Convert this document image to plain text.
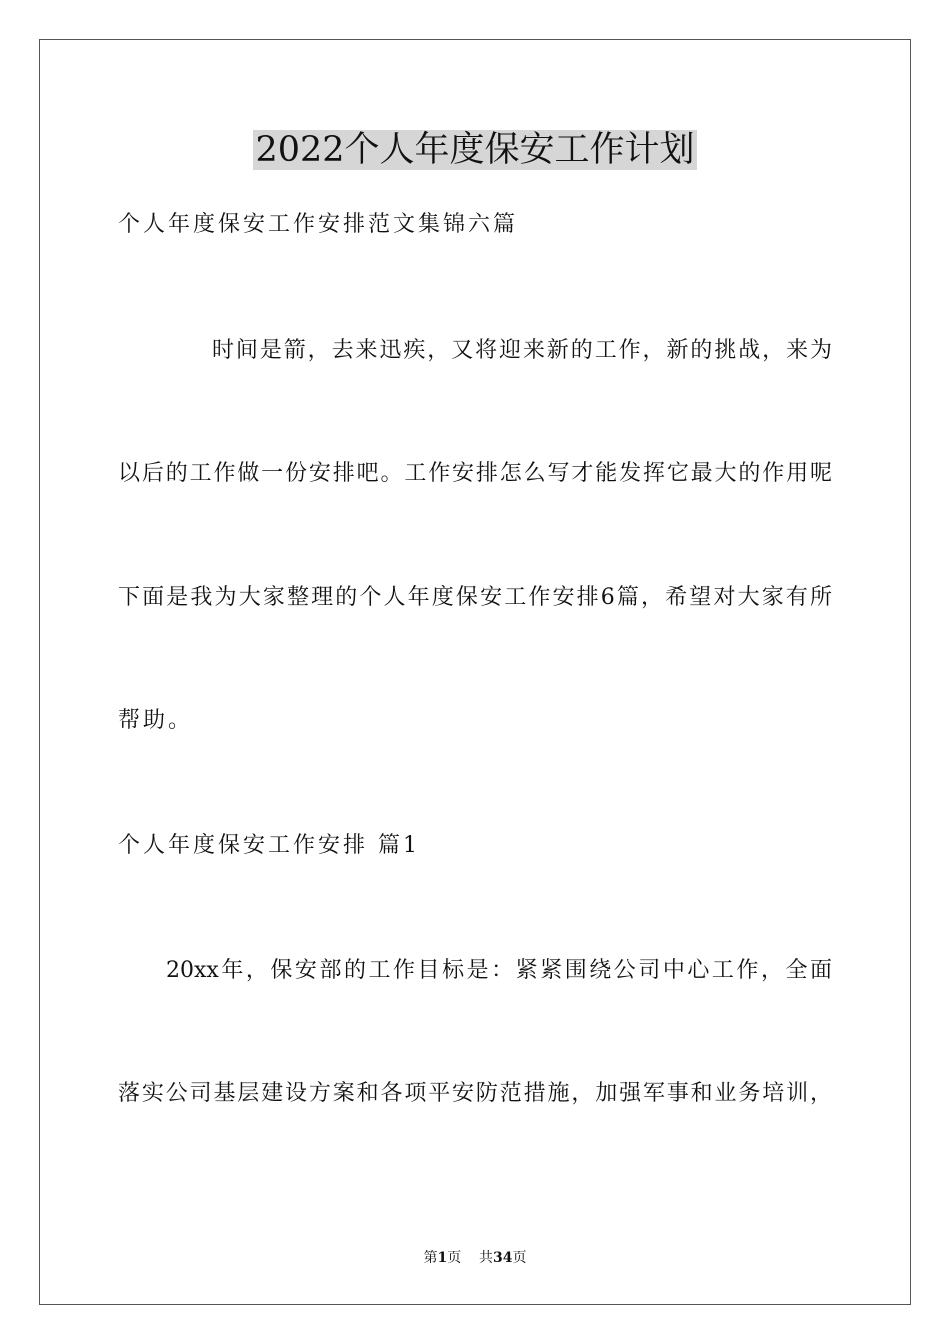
2022个人年度保安工作计划
个人年度保安工作安排范文集锦六篇
时间是箭，去来迅疾，又将迎来新的工作，新的挑战，来为
以后的工作做一份安排吧。工作安排怎么写才能发挥它最大的作用呢
下面是我为大家整理的个人年度保安工作安排6篇，希望对大家有所
帮助。
个人年度保安工作安排 篇1
20xx年，保安部的工作目标是：紧紧围绕公司中心工作，全面
落实公司基层建设方案和各项平安防范措施，加强军事和业务培训，
第1页 共34页
